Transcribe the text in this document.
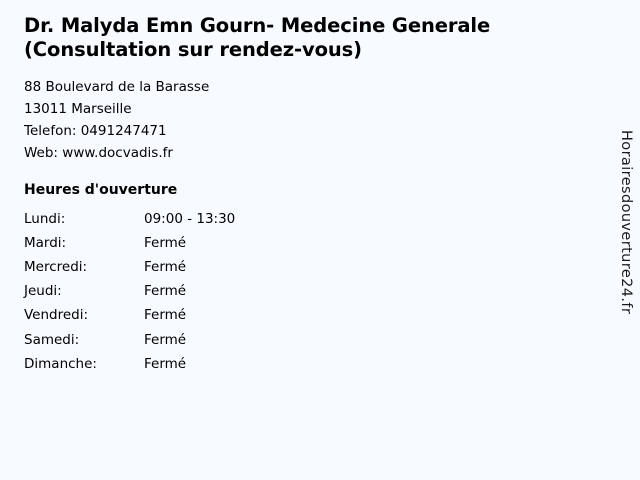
Dr. Malyda Emn Gourn- Medecine Generale (Consultation sur rendez-vous)
88 Boulevard de la Barasse
13011 Marseille
Telefon: 0491247471
Web: www.docvadis.fr
Heures d'ouverture
Lundi:	09:00 - 13:30
Mardi:	Fermé
Mercredi:	Fermé
Jeudi:	Fermé
Vendredi:	Fermé
Samedi:	Fermé
Dimanche:	Fermé
Horairesdouverture24.fr
